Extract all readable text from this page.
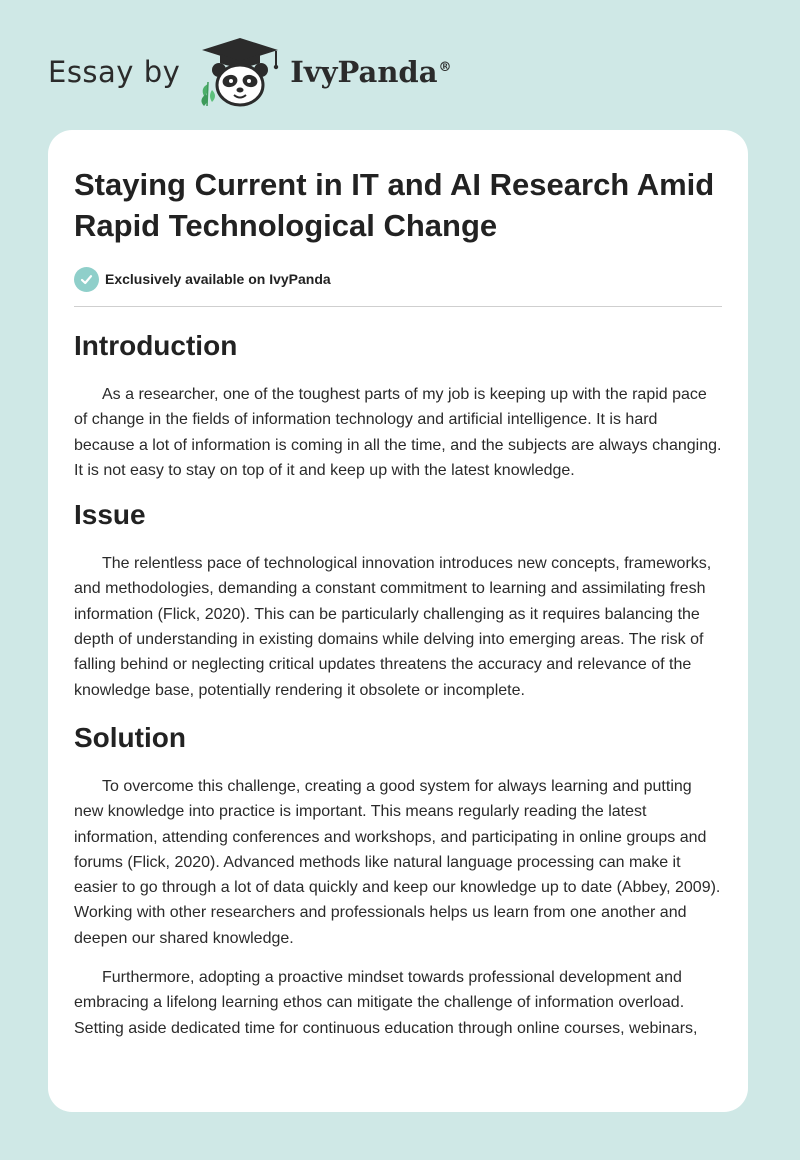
Essay by	IvyPanda®
Staying Current in IT and AI Research Amid Rapid Technological Change
Exclusively available on IvyPanda
Introduction

As a researcher, one of the toughest parts of my job is keeping up with the rapid pace of change in the fields of information technology and artificial intelligence. It is hard because a lot of information is coming in all the time, and the subjects are always changing. It is not easy to stay on top of it and keep up with the latest knowledge.

Issue

The relentless pace of technological innovation introduces new concepts, frameworks, and methodologies, demanding a constant commitment to learning and assimilating fresh information (Flick, 2020). This can be particularly challenging as it requires balancing the depth of understanding in existing domains while delving into emerging areas. The risk of falling behind or neglecting critical updates threatens the accuracy and relevance of the knowledge base, potentially rendering it obsolete or incomplete.

Solution

To overcome this challenge, creating a good system for always learning and putting new knowledge into practice is important. This means regularly reading the latest information, attending conferences and workshops, and participating in online groups and forums (Flick, 2020). Advanced methods like natural language processing can make it easier to go through a lot of data quickly and keep our knowledge up to date (Abbey, 2009). Working with other researchers and professionals helps us learn from one another and deepen our shared knowledge.

Furthermore, adopting a proactive mindset towards professional development and embracing a lifelong learning ethos can mitigate the challenge of information overload. Setting aside dedicated time for continuous education through online courses, webinars,
